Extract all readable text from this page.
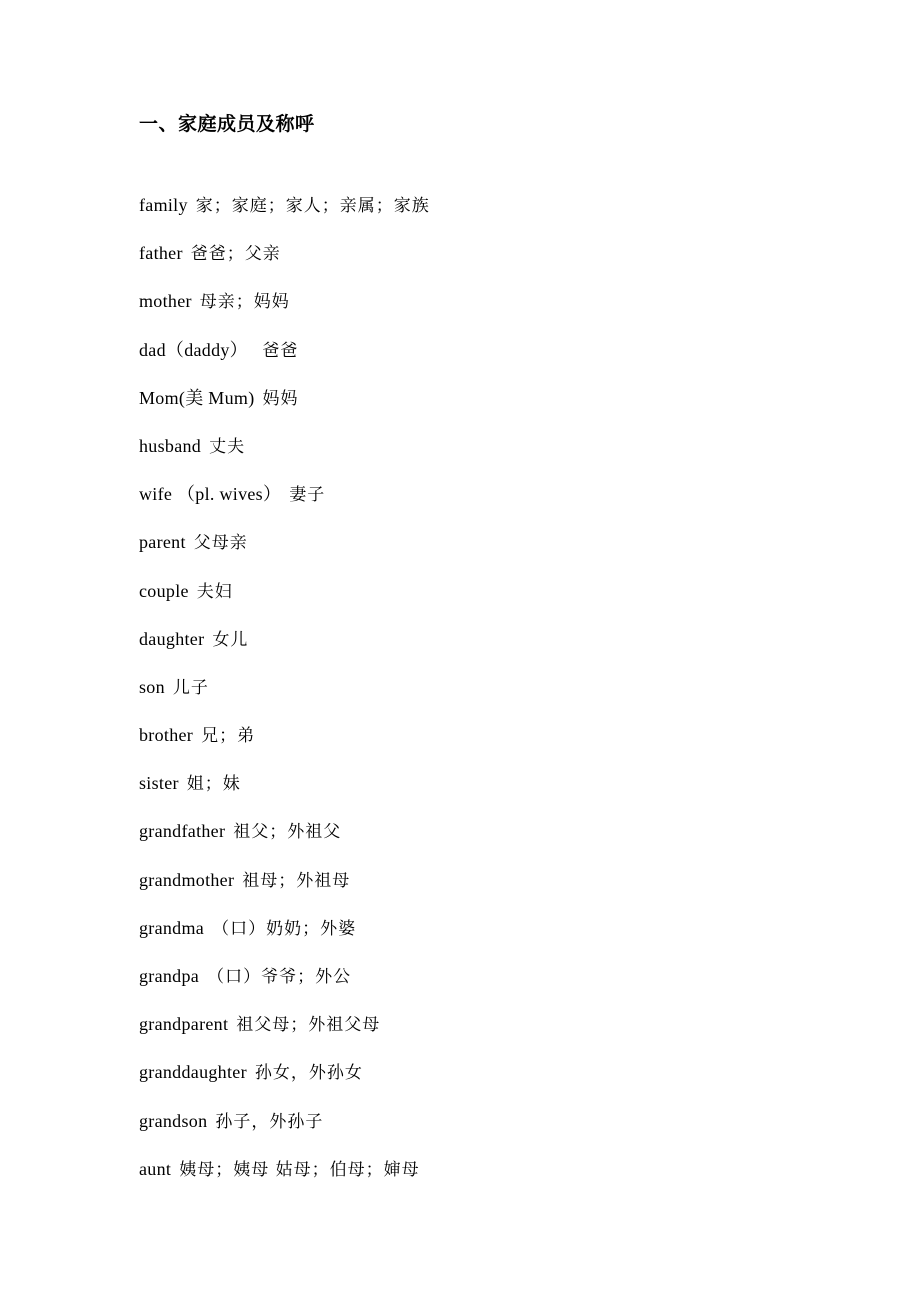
一、家庭成员及称呼
family 家；家庭；家人；亲属；家族
father 爸爸；父亲
mother 母亲；妈妈
dad（daddy） 爸爸
Mom(美 Mum) 妈妈
husband 丈夫
wife （pl. wives） 妻子
parent 父母亲
couple 夫妇
daughter 女儿
son 儿子
brother 兄；弟
sister 姐；妹
grandfather 祖父；外祖父
grandmother 祖母；外祖母
grandma （口）奶奶；外婆
grandpa （口）爷爷；外公
grandparent 祖父母；外祖父母
granddaughter 孙女，外孙女
grandson 孙子，外孙子
aunt 姨母；姨母 姑母；伯母；婶母
